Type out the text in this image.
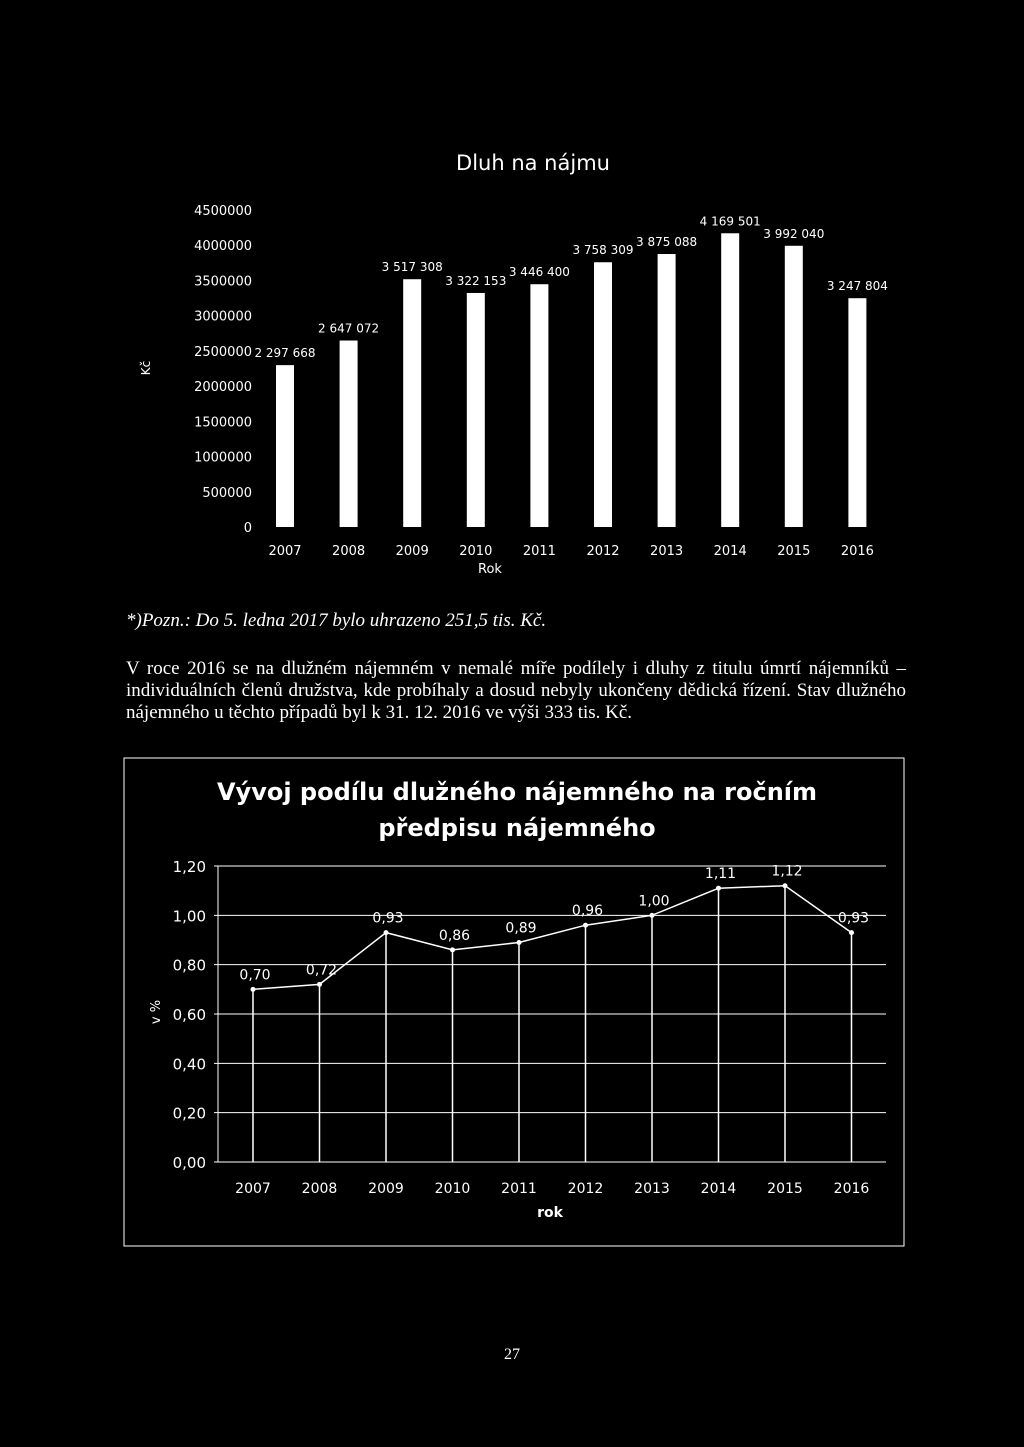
Dluh na nájmu
Kč
Rok
0
500000
1000000
1500000
2000000
2500000
3000000
3500000
4000000
4500000
2 297 668
2 647 072
3 517 308
3 322 153
3 446 400
3 758 309
3 875 088
4 169 501
3 992 040
3 247 804
2007 2008 2009 2010 2011 2012 2013 2014 2015 2016
*)Pozn.: Do 5. ledna 2017 bylo uhrazeno 251,5 tis. Kč.
V roce 2016 se na dlužném nájemném v nemalé míře podílely i dluhy z titulu úmrtí nájemníků – individuálních členů družstva, kde probíhaly a dosud nebyly ukončeny dědická řízení. Stav dlužného nájemného u těchto případů byl k 31. 12. 2016 ve výši 333 tis. Kč.
Vývoj podílu dlužného nájemného na ročním
předpisu nájemného
v %
rok
0,00
0,20
0,40
0,60
0,80
1,00
1,20
0,70	0,72
0,93
0,86	0,89
0,96
1,00
1,11	1,12
0,93
2007 2008 2009 2010 2011 2012 2013 2014 2015 2016
27
